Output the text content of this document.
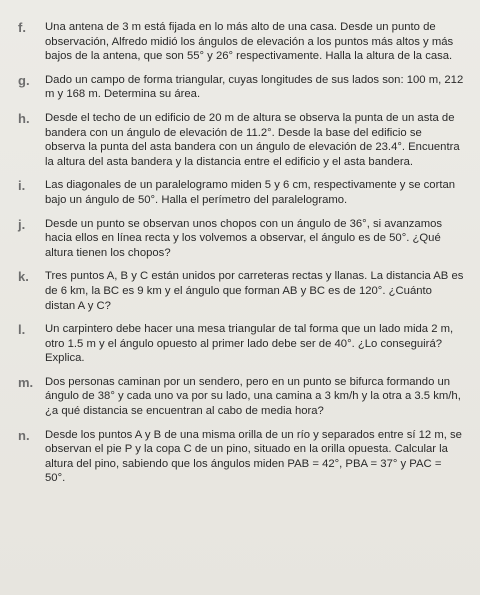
f.	Una antena de 3 m está fijada en lo más alto de una casa. Desde un punto de observación, Alfredo midió los ángulos de elevación a los puntos más altos y más bajos de la antena, que son 55° y 26° respectivamente. Halla la altura de la casa.
g.	Dado un campo de forma triangular, cuyas longitudes de sus lados son: 100 m, 212 m y 168 m. Determina su área.
h.	Desde el techo de un edificio de 20 m de altura se observa la punta de un asta de bandera con un ángulo de elevación de 11.2°. Desde la base del edificio se observa la punta del asta bandera con un ángulo de elevación de 23.4°. Encuentra la altura del asta bandera y la distancia entre el edificio y el asta bandera.
i.	Las diagonales de un paralelogramo miden 5 y 6 cm, respectivamente y se cortan bajo un ángulo de 50°. Halla el perímetro del paralelogramo.
j.	Desde un punto se observan unos chopos con un ángulo de 36°, si avanzamos hacia ellos en línea recta y los volvemos a observar, el ángulo es de 50°. ¿Qué altura tienen los chopos?
k.	Tres puntos A, B y C están unidos por carreteras rectas y llanas. La distancia AB es de 6 km, la BC es 9 km y el ángulo que forman AB y BC es de 120°. ¿Cuánto distan A y C?
l.	Un carpintero debe hacer una mesa triangular de tal forma que un lado mida 2 m, otro 1.5 m y el ángulo opuesto al primer lado debe ser de 40°. ¿Lo conseguirá? Explica.
m.	Dos personas caminan por un sendero, pero en un punto se bifurca formando un ángulo de 38° y cada uno va por su lado, una camina a 3 km/h y la otra a 3.5 km/h, ¿a qué distancia se encuentran al cabo de media hora?
n.	Desde los puntos A y B de una misma orilla de un río y separados entre sí 12 m, se observan el pie P y la copa C de un pino, situado en la orilla opuesta. Calcular la altura del pino, sabiendo que los ángulos miden PAB = 42°, PBA = 37° y PAC = 50°.
